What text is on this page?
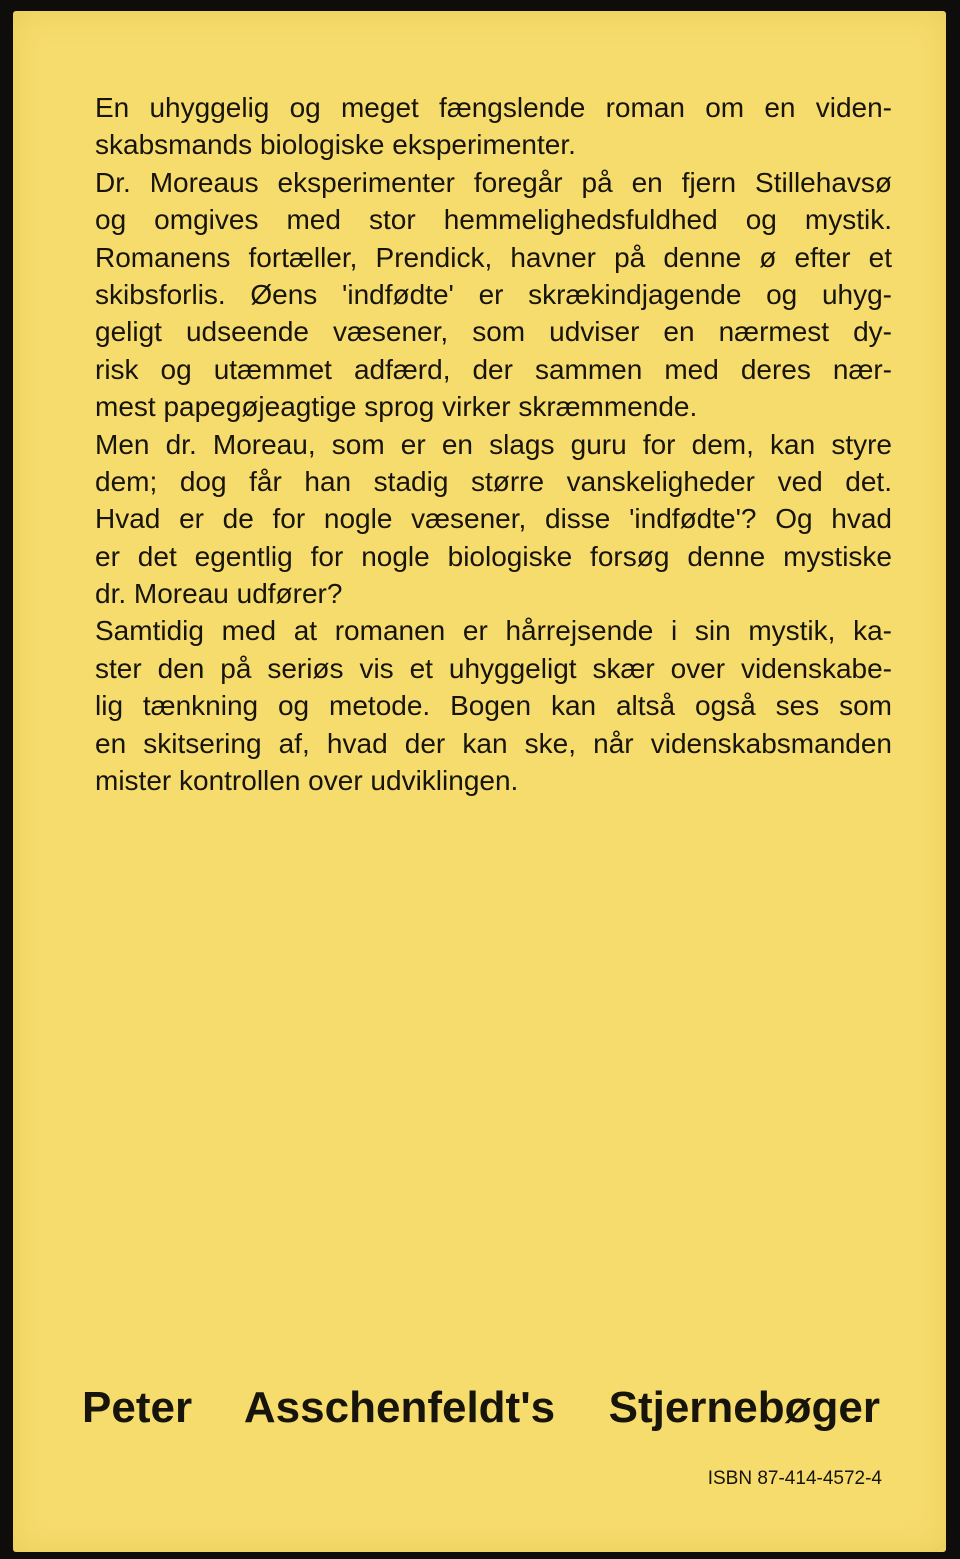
En uhyggelig og meget fængslende roman om en viden-
skabsmands biologiske eksperimenter.
Dr. Moreaus eksperimenter foregår på en fjern Stillehavsø
og omgives med stor hemmelighedsfuldhed og mystik.
Romanens fortæller, Prendick, havner på denne ø efter et
skibsforlis. Øens 'indfødte' er skrækindjagende og uhyg-
geligt udseende væsener, som udviser en nærmest dy-
risk og utæmmet adfærd, der sammen med deres nær-
mest papegøjeagtige sprog virker skræmmende.
Men dr. Moreau, som er en slags guru for dem, kan styre
dem; dog får han stadig større vanskeligheder ved det.
Hvad er de for nogle væsener, disse 'indfødte'? Og hvad
er det egentlig for nogle biologiske forsøg denne mystiske
dr. Moreau udfører?
Samtidig med at romanen er hårrejsende i sin mystik, ka-
ster den på seriøs vis et uhyggeligt skær over videnskabe-
lig tænkning og metode. Bogen kan altså også ses som
en skitsering af, hvad der kan ske, når videnskabsmanden
mister kontrollen over udviklingen.
Peter Asschenfeldt's Stjernebøger
ISBN 87-414-4572-4
